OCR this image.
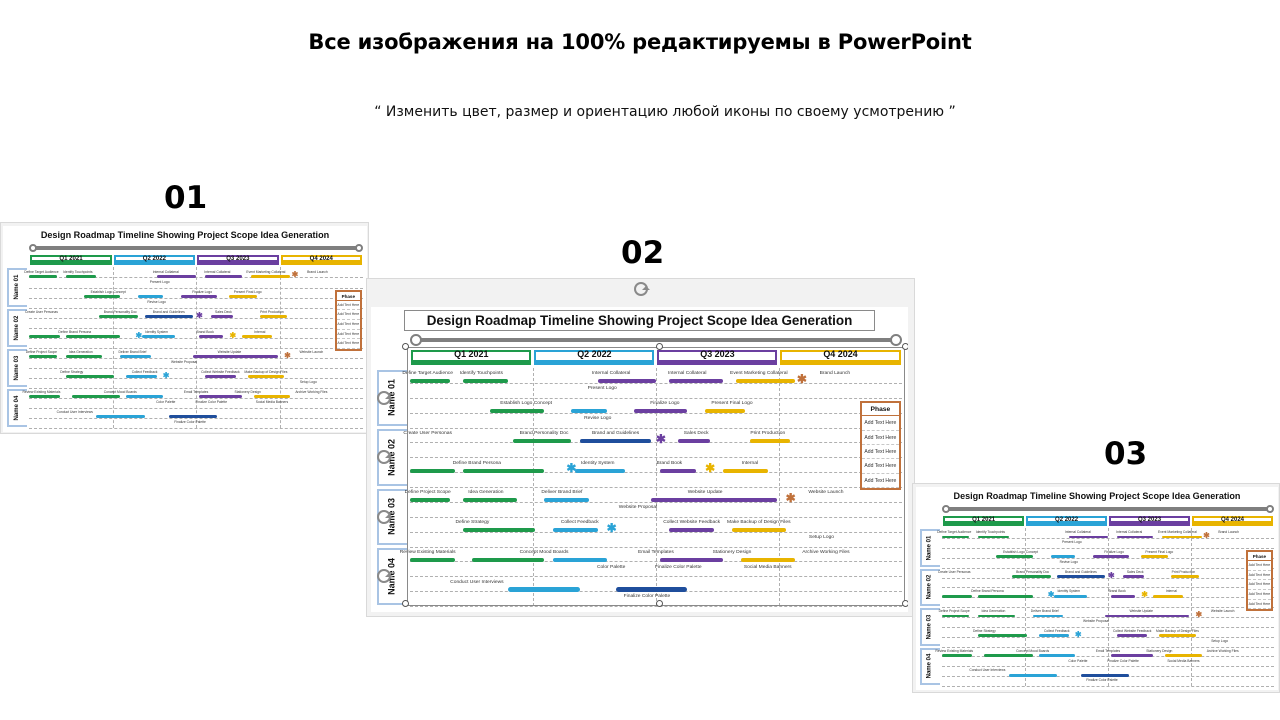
Все изображения на 100% редактируемы в PowerPoint
“ Изменить цвет, размер и ориентацию любой иконы по своему усмотрению ”
01
02
03
Design Roadmap Timeline Showing Project Scope Idea Generation
Q1 2021	Q2 2022	Q3 2023	Q4 2024
Name 01
Name 02
Name 03
Name 04
✱
✱
✱
✱
✱
✱
Define Target Audience	Identify Touchpoints	Internal Collateral	Internal Collateral	Event Marketing Collateral	Brand Launch
Present Logo
Establish Logo Concept
Revise Logo
Finalize Logo	Present Final Logo
Create User Personas	Brand Personality Doc	Brand and Guidelines	Sales Deck	Print Production
Define Brand Persona	Identity System	Brand Book	Internal
Define Project Scope	Idea Generation	Deliver Brand Brief	Website Update	Website Launch
Website Proposal
Define Strategy	Collect Feedback	Collect Website Feedback	Make Backup of Design Files
Setup Logo
Review Existing Materials	Concept Mood Boards	Email Templates	Stationery Design	Archive Working Files
Color Palette	Finalize Color Palette	Social Media Banners
Conduct User Interviews
Finalize Color Palette
Phase
Add Text Here
Add Text Here
Add Text Here
Add Text Here
Add Text Here
Design Roadmap Timeline Showing Project Scope Idea Generation
Q1 2021	Q2 2022	Q3 2023	Q4 2024
Name 01
Name 02
Name 03
Name 04
✱
✱
✱
✱
✱
✱
Define Target Audience	Identify Touchpoints	Internal Collateral	Internal Collateral	Event Marketing Collateral	Brand Launch
Present Logo
Establish Logo Concept
Revise Logo
Finalize Logo	Present Final Logo
Create User Personas	Brand Personality Doc	Brand and Guidelines	Sales Deck	Print Production
Define Brand Persona	Identity System	Brand Book	Internal
Define Project Scope	Idea Generation	Deliver Brand Brief	Website Update	Website Launch
Website Proposal
Define Strategy	Collect Feedback	Collect Website Feedback	Make Backup of Design Files
Setup Logo
Review Existing Materials	Concept Mood Boards	Email Templates	Stationery Design	Archive Working Files
Color Palette	Finalize Color Palette	Social Media Banners
Conduct User Interviews
Finalize Color Palette
Phase
Add Text Here
Add Text Here
Add Text Here
Add Text Here
Add Text Here
Design Roadmap Timeline Showing Project Scope Idea Generation
Q1 2021	Q2 2022	Q3 2023	Q4 2024
Name 01
Name 02
Name 03
Name 04
✱
✱
✱
✱
✱
✱
Define Target Audience	Identify Touchpoints	Internal Collateral	Internal Collateral	Event Marketing Collateral	Brand Launch
Present Logo
Establish Logo Concept
Revise Logo
Finalize Logo	Present Final Logo
Create User Personas	Brand Personality Doc	Brand and Guidelines	Sales Deck	Print Production
Define Brand Persona	Identity System	Brand Book	Internal
Define Project Scope	Idea Generation	Deliver Brand Brief	Website Update	Website Launch
Website Proposal
Define Strategy	Collect Feedback	Collect Website Feedback	Make Backup of Design Files
Setup Logo
Review Existing Materials	Concept Mood Boards	Email Templates	Stationery Design	Archive Working Files
Color Palette	Finalize Color Palette	Social Media Banners
Conduct User Interviews
Finalize Color Palette
Phase
Add Text Here
Add Text Here
Add Text Here
Add Text Here
Add Text Here
